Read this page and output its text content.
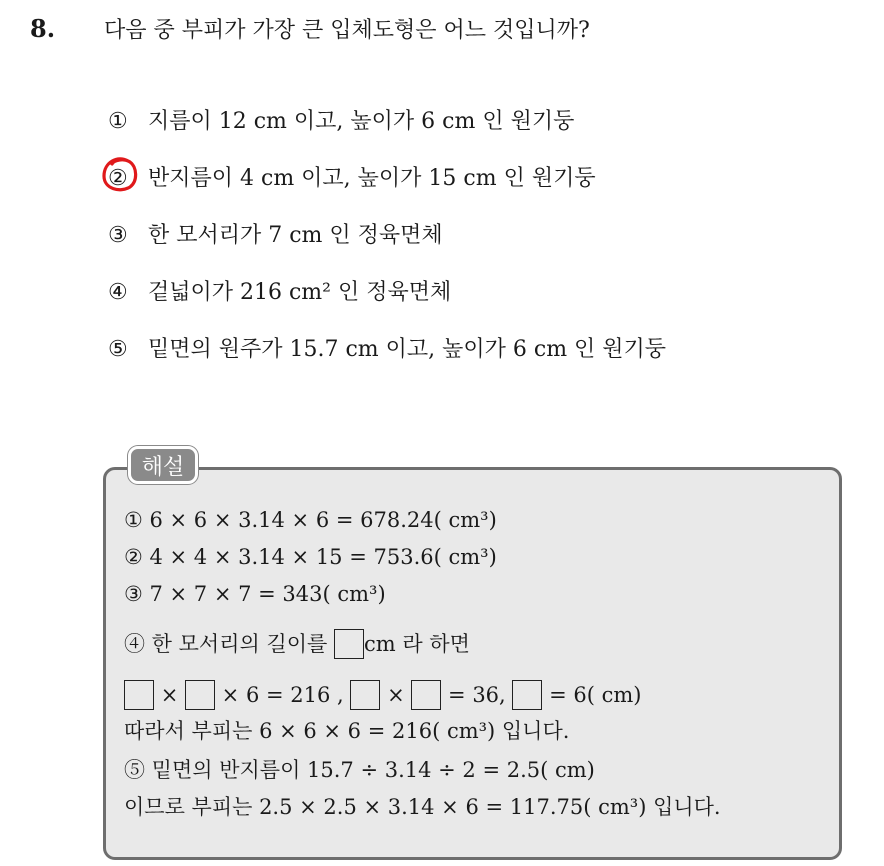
8. 다음 중 부피가 가장 큰 입체도형은 어느 것입니까?
① 지름이 12 cm 이고, 높이가 6 cm 인 원기둥
② 반지름이 4 cm 이고, 높이가 15 cm 인 원기둥
③ 한 모서리가 7 cm 인 정육면체
④ 겉넓이가 216 cm² 인 정육면체
⑤ 밑면의 원주가 15.7 cm 이고, 높이가 6 cm 인 원기둥
해설
① 6 × 6 × 3.14 × 6 = 678.24( cm³)
② 4 × 4 × 3.14 × 15 = 753.6( cm³)
③ 7 × 7 × 7 = 343( cm³)
④ 한 모서리의 길이를 cm 라 하면
× × 6 = 216 , × = 36, = 6( cm)
따라서 부피는 6 × 6 × 6 = 216( cm³) 입니다.
⑤ 밑면의 반지름이 15.7 ÷ 3.14 ÷ 2 = 2.5( cm)
이므로 부피는 2.5 × 2.5 × 3.14 × 6 = 117.75( cm³) 입니다.
